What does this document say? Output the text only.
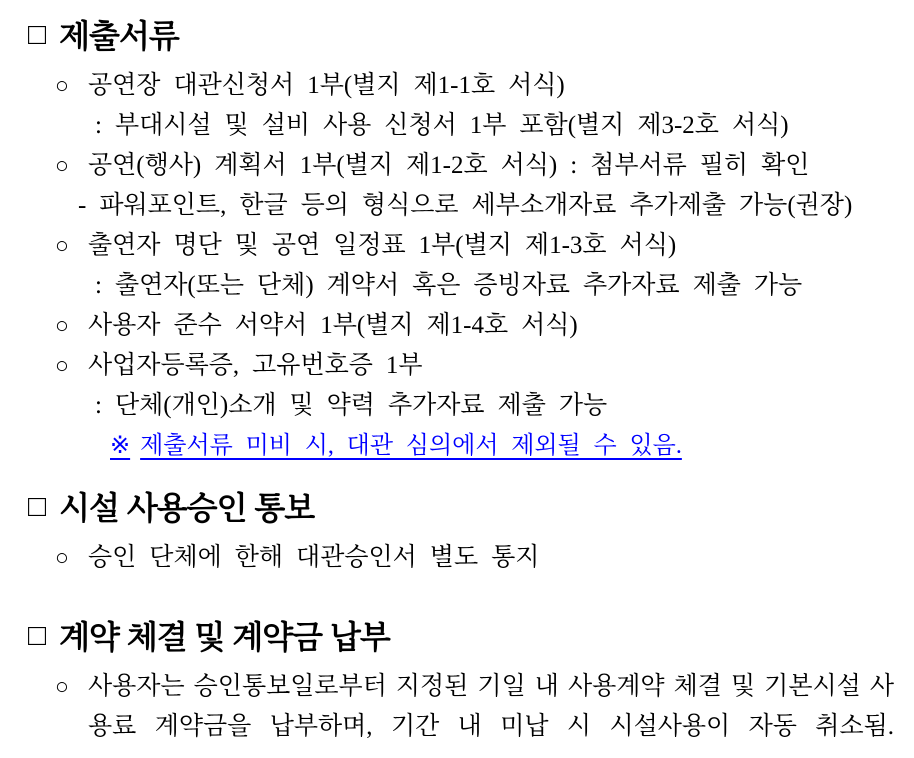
□ 제출서류
○ 공연장 대관신청서 1부(별지 제1-1호 서식)
: 부대시설 및 설비 사용 신청서 1부 포함(별지 제3-2호 서식)
○ 공연(행사) 계획서 1부(별지 제1-2호 서식) : 첨부서류 필히 확인
- 파워포인트, 한글 등의 형식으로 세부소개자료 추가제출 가능(권장)
○ 출연자 명단 및 공연 일정표 1부(별지 제1-3호 서식)
: 출연자(또는 단체) 계약서 혹은 증빙자료 추가자료 제출 가능
○ 사용자 준수 서약서 1부(별지 제1-4호 서식)
○ 사업자등록증, 고유번호증 1부
: 단체(개인)소개 및 약력 추가자료 제출 가능
※ 제출서류 미비 시, 대관 심의에서 제외될 수 있음.
□ 시설 사용승인 통보
○ 승인 단체에 한해 대관승인서 별도 통지
□ 계약 체결 및 계약금 납부
○ 사용자는 승인통보일로부터 지정된 기일 내 사용계약 체결 및 기본시설 사용료 계약금을 납부하며, 기간 내 미납 시 시설사용이 자동 취소됨.
